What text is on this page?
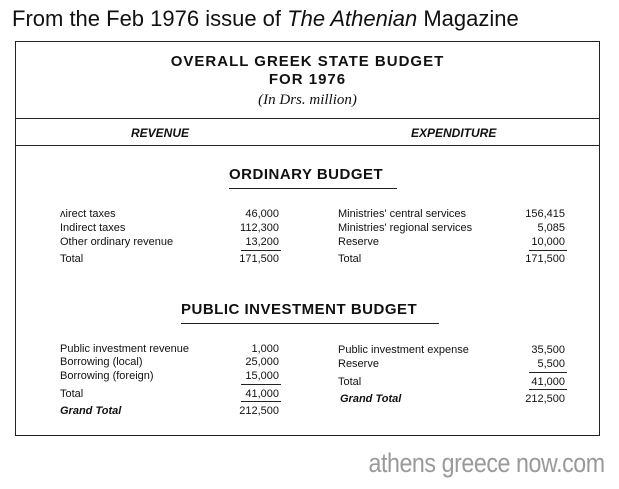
From the Feb 1976 issue of The Athenian Magazine
OVERALL GREEK STATE BUDGET
FOR 1976
(In Drs. million)
REVENUE	EXPENDITURE
ORDINARY BUDGET
ʌirect taxes	46,000
Indirect taxes	112,300
Other ordinary revenue	13,200
Total	171,500
Ministries' central services	156,415
Ministries' regional services	5,085
Reserve	10,000
Total	171,500
PUBLIC INVESTMENT BUDGET
Public investment revenue	1,000
Borrowing (local)	25,000
Borrowing (foreign)	15,000
Total	41,000
Grand Total	212,500
Public investment expense	35,500
Reserve	5,500
Total	41,000
Grand Total	212,500
athens greece now.com
